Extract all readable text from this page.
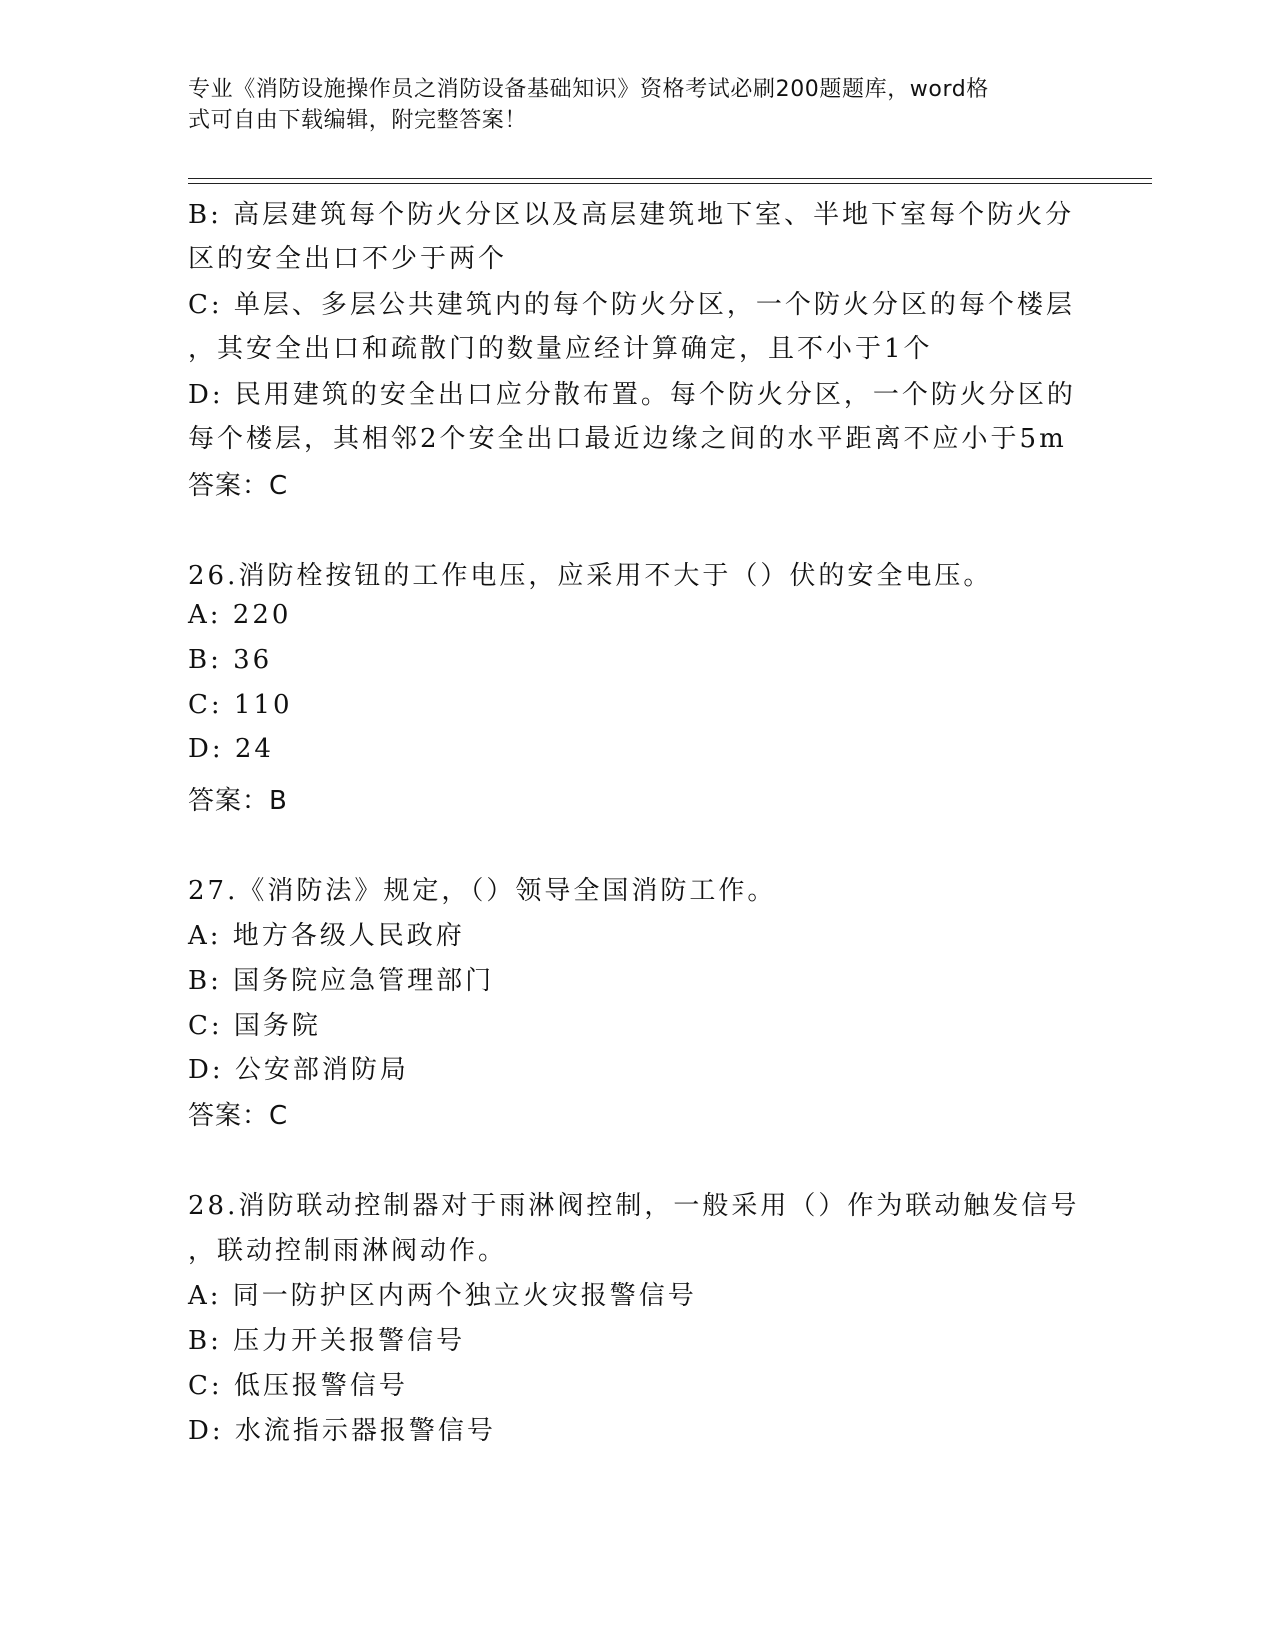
专业《消防设施操作员之消防设备基础知识》资格考试必刷200题题库，word格
式可自由下载编辑，附完整答案！
B: 高层建筑每个防火分区以及高层建筑地下室、半地下室每个防火分
区的安全出口不少于两个
C: 单层、多层公共建筑内的每个防火分区，一个防火分区的每个楼层
，其安全出口和疏散门的数量应经计算确定，且不小于1个
D: 民用建筑的安全出口应分散布置。每个防火分区，一个防火分区的
每个楼层，其相邻2个安全出口最近边缘之间的水平距离不应小于5m
答案：C
26.消防栓按钮的工作电压，应采用不大于（）伏的安全电压。
A: 220
B: 36
C: 110
D: 24
答案：B
27.《消防法》规定，（）领导全国消防工作。
A: 地方各级人民政府
B: 国务院应急管理部门
C: 国务院
D: 公安部消防局
答案：C
28.消防联动控制器对于雨淋阀控制，一般采用（）作为联动触发信号
，联动控制雨淋阀动作。
A: 同一防护区内两个独立火灾报警信号
B: 压力开关报警信号
C: 低压报警信号
D: 水流指示器报警信号
